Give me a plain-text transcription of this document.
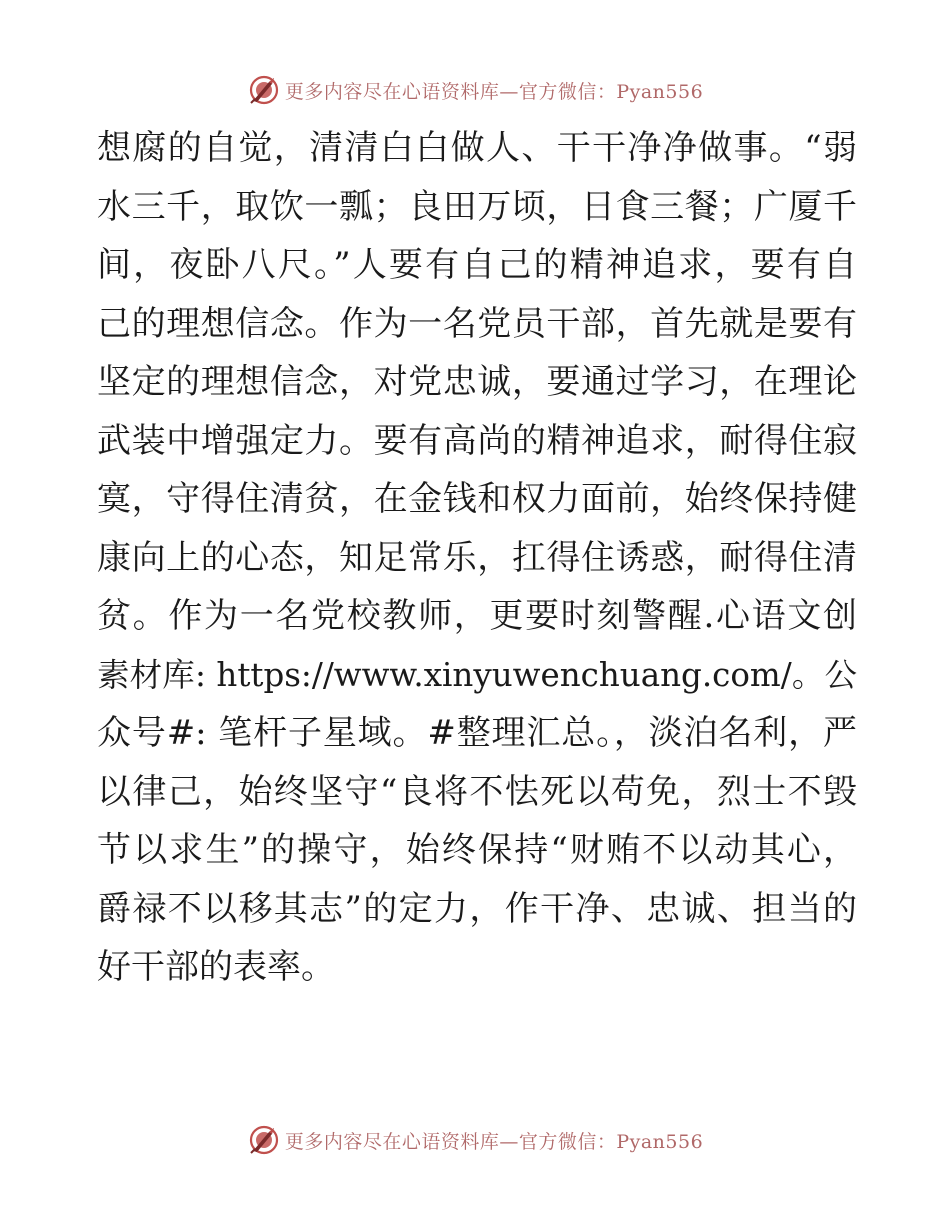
更多内容尽在心语资料库—官方微信：Pyan556
想腐的自觉，清清白白做人、干干净净做事。“弱
水三千，取饮一瓢；良田万顷，日食三餐；广厦千
间，夜卧八尺。”人要有自己的精神追求，要有自
己的理想信念。作为一名党员干部，首先就是要有
坚定的理想信念，对党忠诚，要通过学习，在理论
武装中增强定力。要有高尚的精神追求，耐得住寂
寞，守得住清贫，在金钱和权力面前，始终保持健
康向上的心态，知足常乐，扛得住诱惑，耐得住清
贫。作为一名党校教师，更要时刻警醒.心语文创
素材库: https://www.xinyuwenchuang.com/。公
众号#: 笔杆子星域。#整理汇总。，淡泊名利，严
以律己，始终坚守“良将不怯死以苟免，烈士不毁
节以求生”的操守，始终保持“财贿不以动其心，
爵禄不以移其志”的定力，作干净、忠诚、担当的
好干部的表率。
更多内容尽在心语资料库—官方微信：Pyan556
